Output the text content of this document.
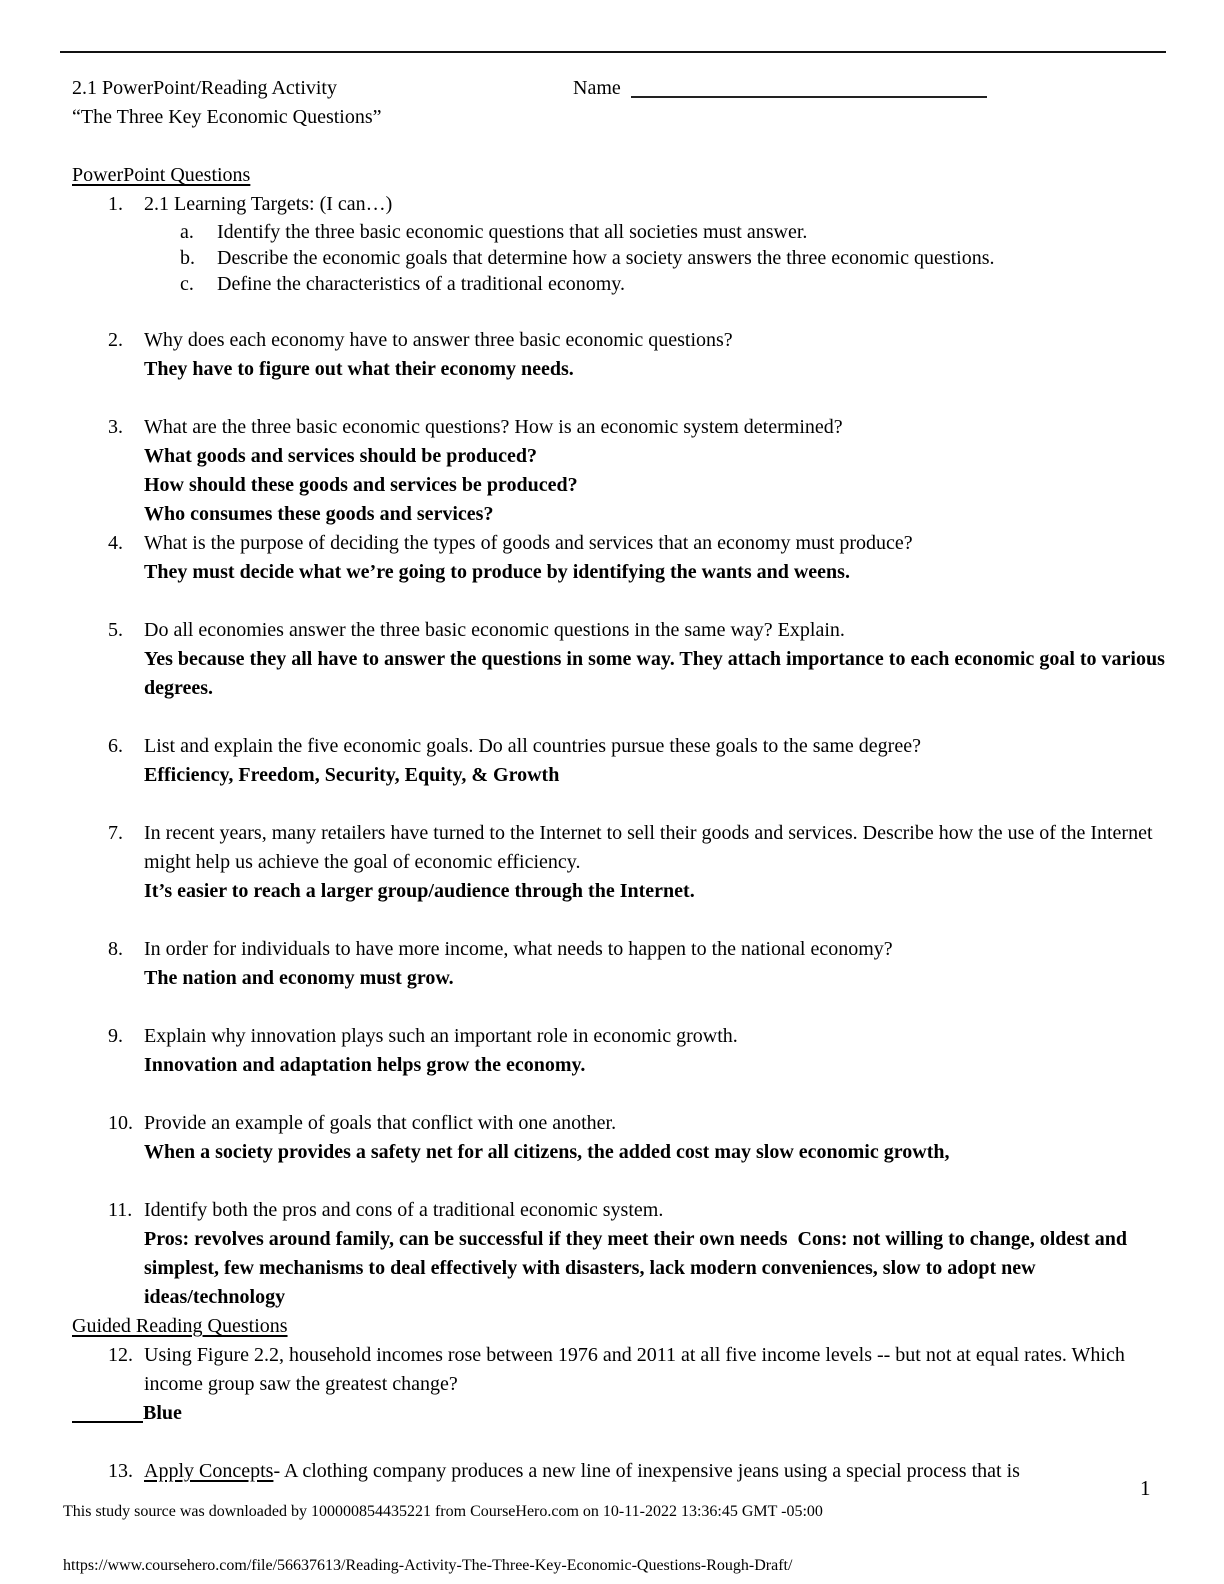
2.1 PowerPoint/Reading Activity	Name
“The Three Key Economic Questions”
PowerPoint Questions
1.	2.1 Learning Targets: (I can…)
a.	Identify the three basic economic questions that all societies must answer.
b.	Describe the economic goals that determine how a society answers the three economic questions.
c.	Define the characteristics of a traditional economy.
2.	Why does each economy have to answer three basic economic questions?
They have to figure out what their economy needs.
3.	What are the three basic economic questions? How is an economic system determined?
What goods and services should be produced?
How should these goods and services be produced?
Who consumes these goods and services?
4.	What is the purpose of deciding the types of goods and services that an economy must produce?
They must decide what we’re going to produce by identifying the wants and weens.
5.	Do all economies answer the three basic economic questions in the same way? Explain.
Yes because they all have to answer the questions in some way. They attach importance to each economic goal to various degrees.
6.	List and explain the five economic goals. Do all countries pursue these goals to the same degree?
Efficiency, Freedom, Security, Equity, & Growth
7.	In recent years, many retailers have turned to the Internet to sell their goods and services. Describe how the use of the Internet might help us achieve the goal of economic efficiency.
It’s easier to reach a larger group/audience through the Internet.
8.	In order for individuals to have more income, what needs to happen to the national economy?
The nation and economy must grow.
9.	Explain why innovation plays such an important role in economic growth.
Innovation and adaptation helps grow the economy.
10. Provide an example of goals that conflict with one another.
When a society provides a safety net for all citizens, the added cost may slow economic growth,
11. Identify both the pros and cons of a traditional economic system.
Pros: revolves around family, can be successful if they meet their own needs  Cons: not willing to change, oldest and simplest, few mechanisms to deal effectively with disasters, lack modern conveniences, slow to adopt new ideas/technology
Guided Reading Questions
12. Using Figure 2.2, household incomes rose between 1976 and 2011 at all five income levels -- but not at equal rates. Which income group saw the greatest change?
Blue
13. Apply Concepts- A clothing company produces a new line of inexpensive jeans using a special process that is
This study source was downloaded by 100000854435221 from CourseHero.com on 10-11-2022 13:36:45 GMT -05:00
1
https://www.coursehero.com/file/56637613/Reading-Activity-The-Three-Key-Economic-Questions-Rough-Draft/
